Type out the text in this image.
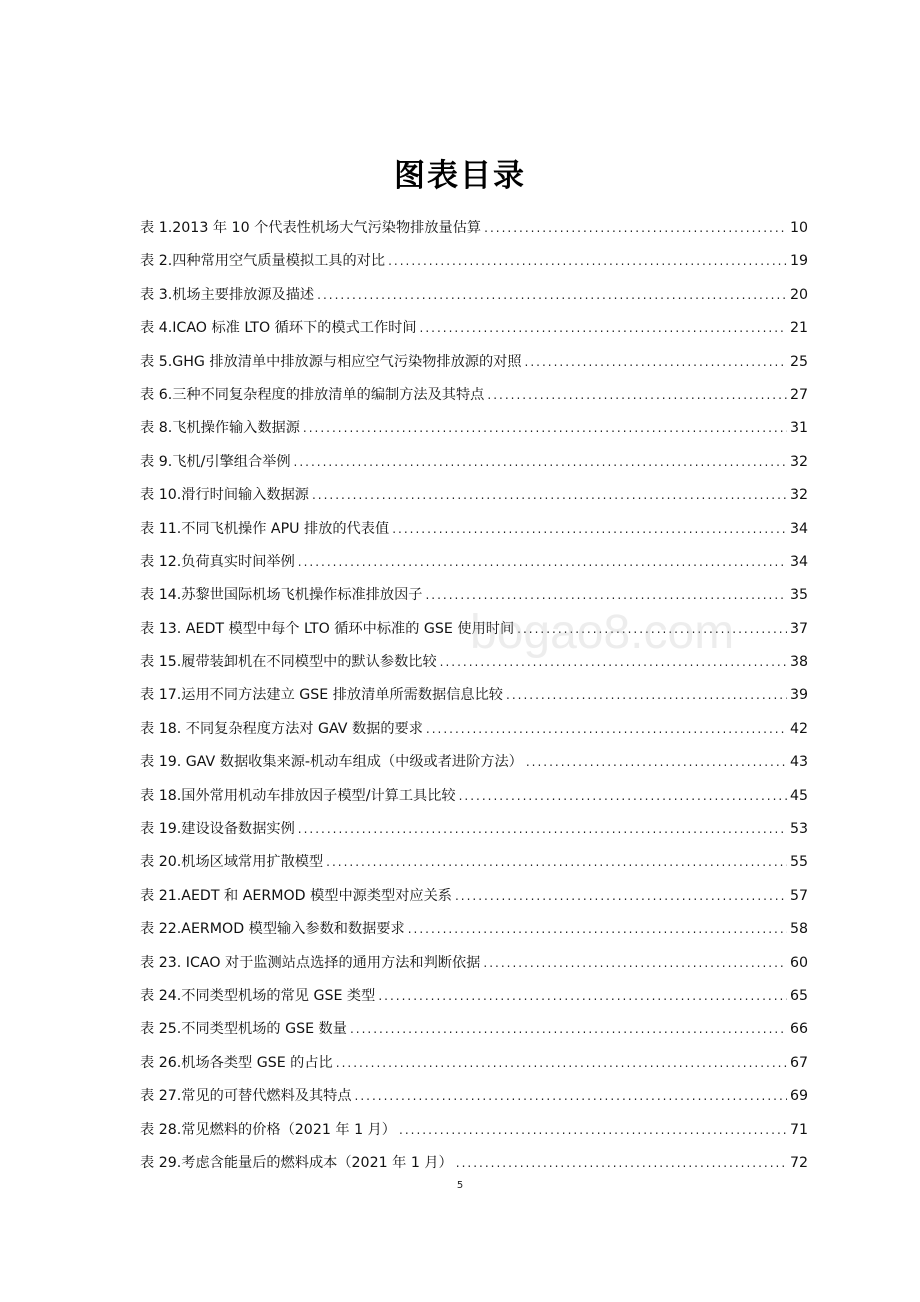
图表目录
表 1.2013 年 10 个代表性机场大气污染物排放量估算 .....	10
表 2.四种常用空气质量模拟工具的对比 .....	19
表 3.机场主要排放源及描述 .....	20
表 4.ICAO 标准 LTO 循环下的模式工作时间 .....	21
表 5.GHG 排放清单中排放源与相应空气污染物排放源的对照 .....	25
表 6.三种不同复杂程度的排放清单的编制方法及其特点 .....	27
表 8.飞机操作输入数据源 .....	31
表 9.飞机/引擎组合举例 .....	32
表 10.滑行时间输入数据源 .....	32
表 11.不同飞机操作 APU 排放的代表值 .....	34
表 12.负荷真实时间举例 .....	34
表 14.苏黎世国际机场飞机操作标准排放因子 .....	35
表 13. AEDT 模型中每个 LTO 循环中标准的 GSE 使用时间 .....	37
表 15.履带装卸机在不同模型中的默认参数比较 .....	38
表 17.运用不同方法建立 GSE 排放清单所需数据信息比较 .....	39
表 18. 不同复杂程度方法对 GAV 数据的要求 .....	42
表 19. GAV 数据收集来源-机动车组成（中级或者进阶方法） .....	43
表 18.国外常用机动车排放因子模型/计算工具比较 .....	45
表 19.建设设备数据实例 .....	53
表 20.机场区域常用扩散模型 .....	55
表 21.AEDT 和 AERMOD 模型中源类型对应关系 .....	57
表 22.AERMOD 模型输入参数和数据要求 .....	58
表 23. ICAO 对于监测站点选择的通用方法和判断依据 .....	60
表 24.不同类型机场的常见 GSE 类型 .....	65
表 25.不同类型机场的 GSE 数量 .....	66
表 26.机场各类型 GSE 的占比 .....	67
表 27.常见的可替代燃料及其特点 .....	69
表 28.常见燃料的价格（2021 年 1 月） .....	71
表 29.考虑含能量后的燃料成本（2021 年 1 月） .....	72
bogao8.com
5
